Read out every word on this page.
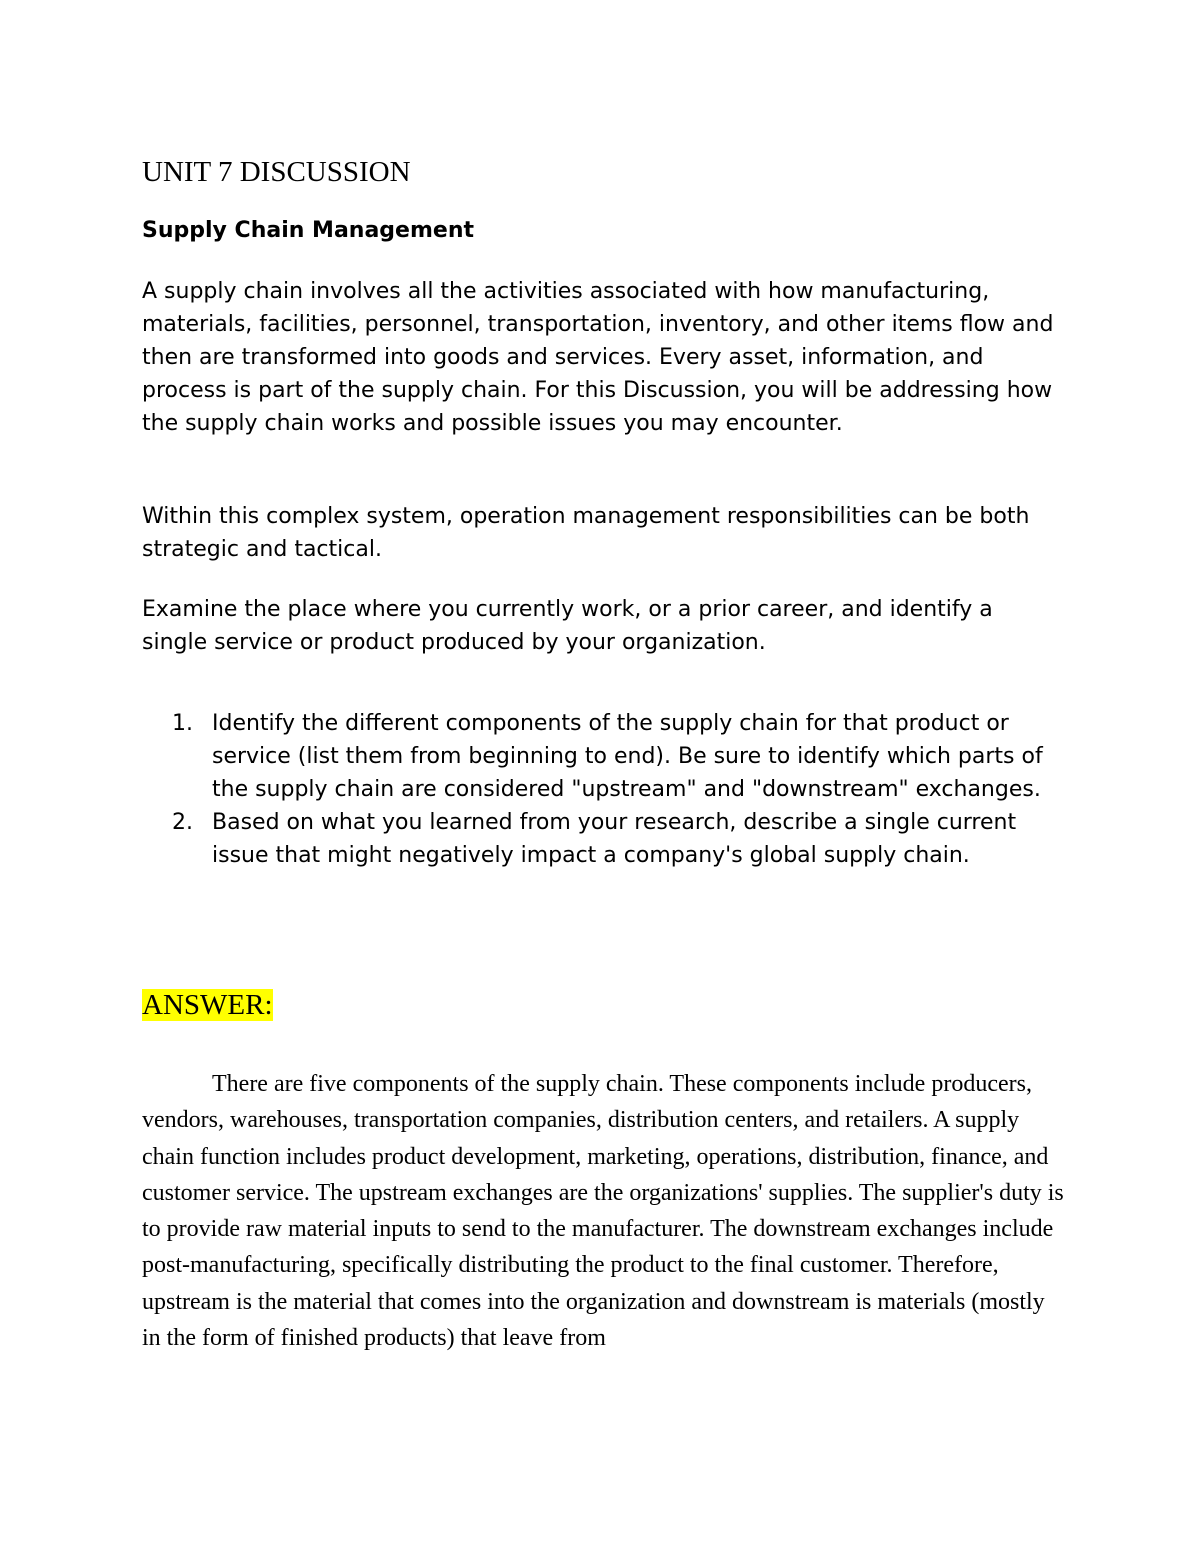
UNIT 7 DISCUSSION
Supply Chain Management

A supply chain involves all the activities associated with how manufacturing, materials, facilities, personnel, transportation, inventory, and other items flow and then are transformed into goods and services. Every asset, information, and process is part of the supply chain. For this Discussion, you will be addressing how the supply chain works and possible issues you may encounter.

Within this complex system, operation management responsibilities can be both strategic and tactical.

Examine the place where you currently work, or a prior career, and identify a single service or product produced by your organization.

1. Identify the different components of the supply chain for that product or service (list them from beginning to end). Be sure to identify which parts of the supply chain are considered "upstream" and "downstream" exchanges.
2. Based on what you learned from your research, describe a single current issue that might negatively impact a company's global supply chain.

ANSWER:

There are five components of the supply chain. These components include producers, vendors, warehouses, transportation companies, distribution centers, and retailers. A supply chain function includes product development, marketing, operations, distribution, finance, and customer service. The upstream exchanges are the organizations' supplies. The supplier's duty is to provide raw material inputs to send to the manufacturer. The downstream exchanges include post-manufacturing, specifically distributing the product to the final customer. Therefore, upstream is the material that comes into the organization and downstream is materials (mostly in the form of finished products) that leave from
